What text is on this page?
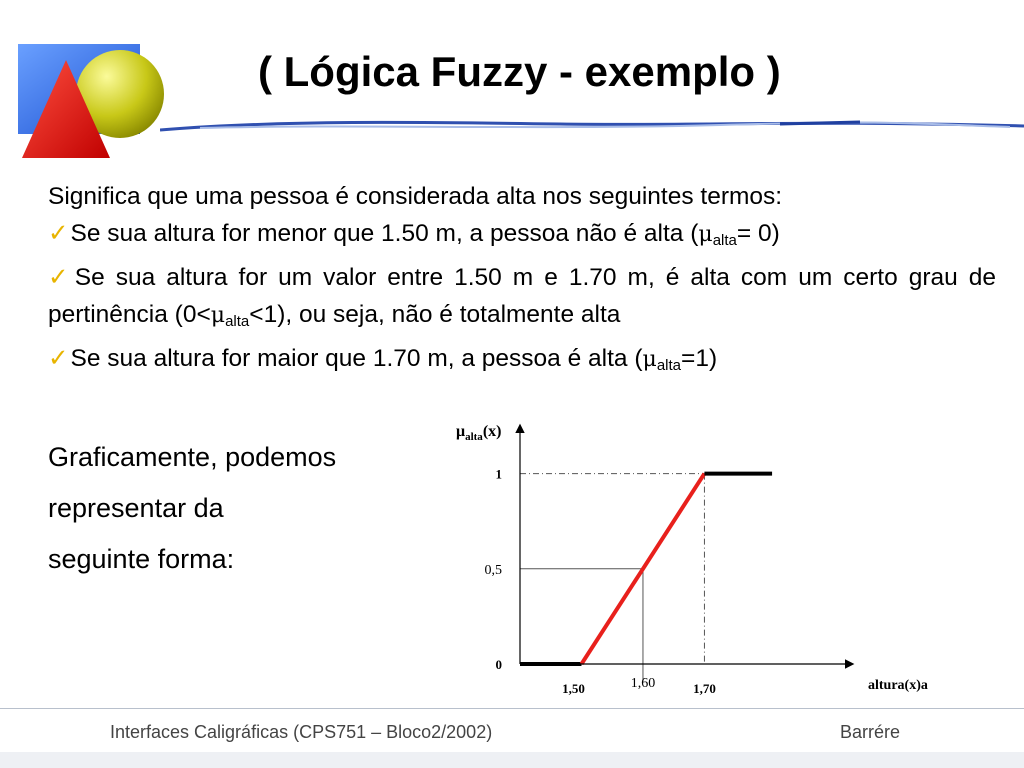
( Lógica Fuzzy - exemplo )

Significa que uma pessoa é considerada alta nos seguintes termos:

✓Se sua altura for menor que 1.50 m, a pessoa não é alta $(\mu_{alta}= 0)$

✓Se sua altura for um valor entre 1.50 m e 1.70 m, é alta com um certo grau de pertinência $(0<\mu_{alta}<1)$, ou seja, não é totalmente alta

✓Se sua altura for maior que 1.70 m, a pessoa é alta $(\mu_{alta}=1)$

Graficamente, podemos

representar da

seguinte forma:

$\mu_{alta}(x)$
altura(x)a
0
0,5
1
1,50	1,60	1,70
Interfaces Caligráficas (CPS751 – Bloco2/2002)	Barrére
